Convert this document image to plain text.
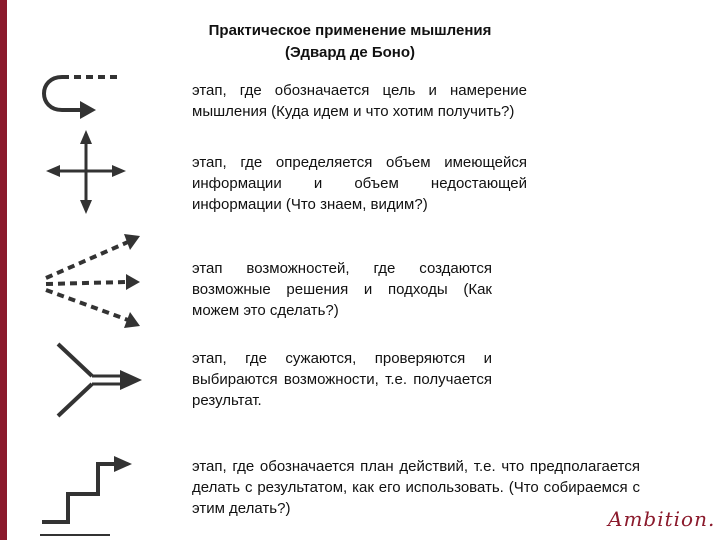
Практическое применение мышления
(Эдвард де Боно)
этап, где обозначается цель и намерение мышления (Куда идем и что хотим получить?)
этап, где определяется объем имеющейся информации и объем недостающей информации (Что знаем, видим?)
этап возможностей, где создаются возможные решения и подходы (Как можем это сделать?)
этап, где сужаются, проверяются и выбираются возможности, т.е. получается результат.
этап, где обозначается план действий, т.е. что предполагается делать с результатом, как его использовать. (Что собираемся с этим делать?)	Ambition.
